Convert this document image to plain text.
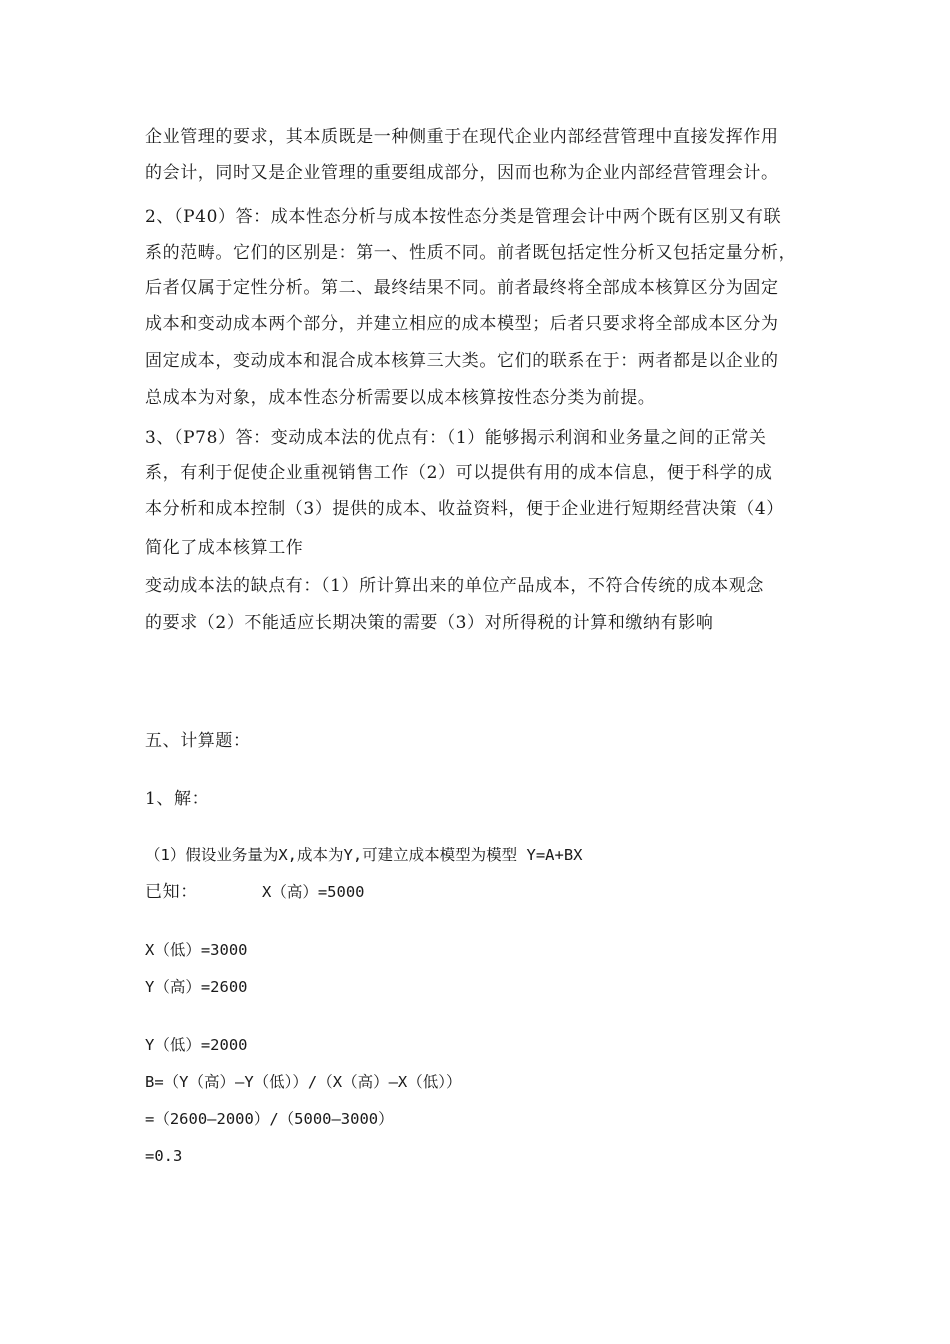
企业管理的要求，其本质既是一种侧重于在现代企业内部经营管理中直接发挥作用
的会计，同时又是企业管理的重要组成部分，因而也称为企业内部经营管理会计。
2、（P40）答：成本性态分析与成本按性态分类是管理会计中两个既有区别又有联
系的范畴。它们的区别是：第一、性质不同。前者既包括定性分析又包括定量分析，
后者仅属于定性分析。第二、最终结果不同。前者最终将全部成本核算区分为固定
成本和变动成本两个部分，并建立相应的成本模型；后者只要求将全部成本区分为
固定成本，变动成本和混合成本核算三大类。它们的联系在于：两者都是以企业的
总成本为对象，成本性态分析需要以成本核算按性态分类为前提。
3、（P78）答：变动成本法的优点有：（1）能够揭示利润和业务量之间的正常关
系，有利于促使企业重视销售工作（2）可以提供有用的成本信息，便于科学的成
本分析和成本控制（3）提供的成本、收益资料，便于企业进行短期经营决策（4）
简化了成本核算工作
变动成本法的缺点有：（1）所计算出来的单位产品成本，不符合传统的成本观念
的要求（2）不能适应长期决策的需要（3）对所得税的计算和缴纳有影响
五、计算题：
1、解：
（1）假设业务量为X,成本为Y,可建立成本模型为模型 Y=A+BX
已知：	X（高）=5000
X（低）=3000
Y（高）=2600
Y（低）=2000
B=（Y（高）—Y（低））/（X（高）—X（低））
=（2600—2000）/（5000—3000）
=0.3
